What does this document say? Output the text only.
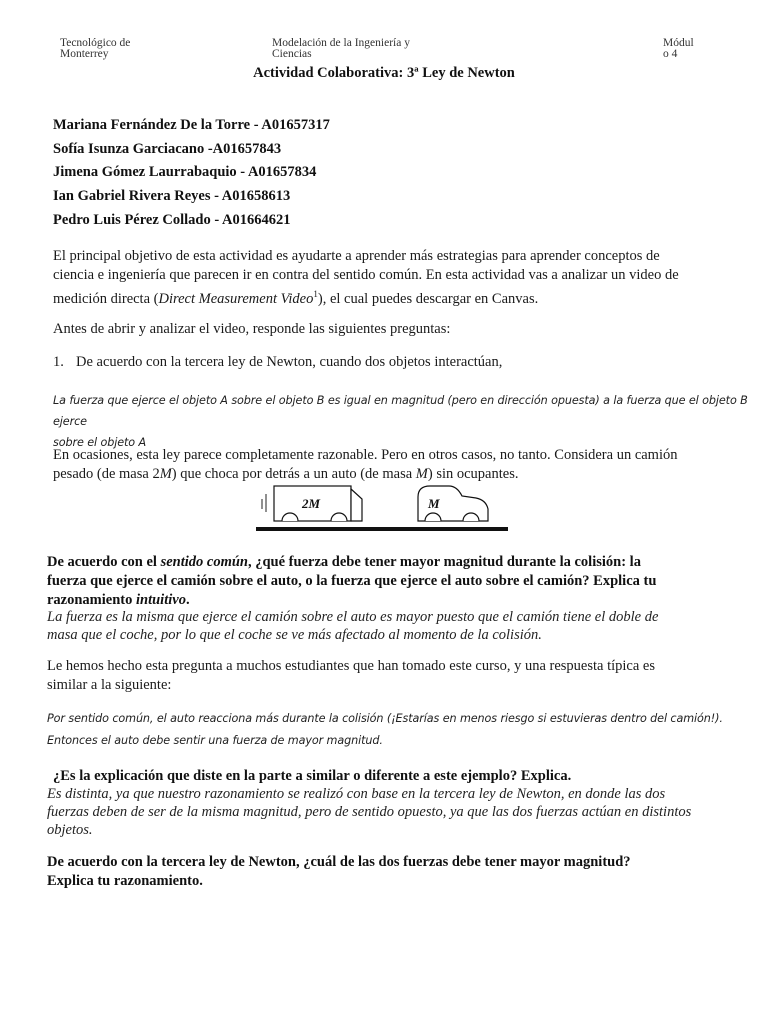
Tecnológico de
Monterrey
Modelación de la Ingeniería y
Ciencias
Módul
o 4
Actividad Colaborativa: 3ª Ley de Newton
Mariana Fernández De la Torre - A01657317
Sofía Isunza Garciacano -A01657843
Jimena Gómez Laurrabaquio - A01657834
Ian Gabriel Rivera Reyes - A01658613
Pedro Luis Pérez Collado - A01664621
El principal objetivo de esta actividad es ayudarte a aprender más estrategias para aprender conceptos de
ciencia e ingeniería que parecen ir en contra del sentido común. En esta actividad vas a analizar un video de
medición directa (Direct Measurement Video$^1$), el cual puedes descargar en Canvas.
Antes de abrir y analizar el video, responde las siguientes preguntas:
1. De acuerdo con la tercera ley de Newton, cuando dos objetos interactúan,
La fuerza que ejerce el objeto A sobre el objeto B es igual en magnitud (pero en dirección opuesta) a la fuerza que el objeto B ejerce
sobre el objeto A
En ocasiones, esta ley parece completamente razonable. Pero en otros casos, no tanto. Considera un camión
pesado (de masa 2M) que choca por detrás a un auto (de masa M) sin ocupantes.
2M	M
De acuerdo con el sentido común, ¿qué fuerza debe tener mayor magnitud durante la colisión: la
fuerza que ejerce el camión sobre el auto, o la fuerza que ejerce el auto sobre el camión? Explica tu
razonamiento intuitivo.
La fuerza es la misma que ejerce el camión sobre el auto es mayor puesto que el camión tiene el doble de
masa que el coche, por lo que el coche se ve más afectado al momento de la colisión.
Le hemos hecho esta pregunta a muchos estudiantes que han tomado este curso, y una respuesta típica es
similar a la siguiente:
Por sentido común, el auto reacciona más durante la colisión (¡Estarías en menos riesgo si estuvieras dentro del camión!).
Entonces el auto debe sentir una fuerza de mayor magnitud.
¿Es la explicación que diste en la parte a similar o diferente a este ejemplo? Explica.
Es distinta, ya que nuestro razonamiento se realizó con base en la tercera ley de Newton, en donde las dos
fuerzas deben de ser de la misma magnitud, pero de sentido opuesto, ya que las dos fuerzas actúan en distintos
objetos.
De acuerdo con la tercera ley de Newton, ¿cuál de las dos fuerzas debe tener mayor magnitud?
Explica tu razonamiento.
